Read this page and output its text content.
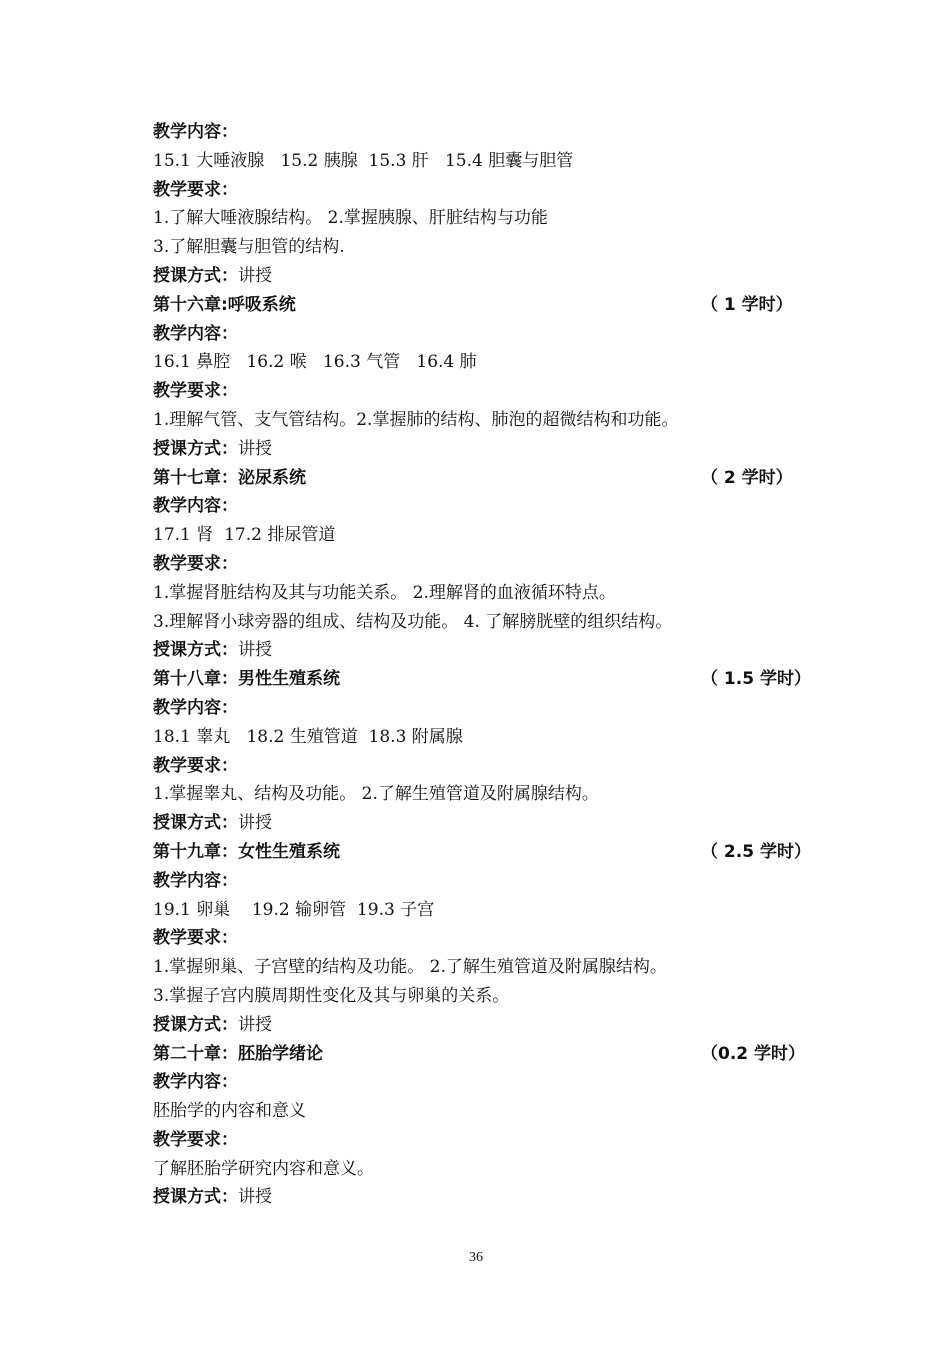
教学内容：
15.1 大唾液腺   15.2 胰腺  15.3 肝   15.4 胆囊与胆管
教学要求：
1.了解大唾液腺结构。 2.掌握胰腺、肝脏结构与功能
3.了解胆囊与胆管的结构.
授课方式：讲授
第十六章:呼吸系统	（ 1 学时）
教学内容：
16.1 鼻腔   16.2 喉   16.3 气管   16.4 肺
教学要求：
1.理解气管、支气管结构。2.掌握肺的结构、肺泡的超微结构和功能。
授课方式：讲授
第十七章：泌尿系统	（ 2 学时）
教学内容：
17.1 肾  17.2 排尿管道
教学要求：
1.掌握肾脏结构及其与功能关系。 2.理解肾的血液循环特点。
3.理解肾小球旁器的组成、结构及功能。 4. 了解膀胱壁的组织结构。
授课方式：讲授
第十八章：男性生殖系统	（ 1.5 学时）
教学内容：
18.1 睾丸   18.2 生殖管道  18.3 附属腺
教学要求：
1.掌握睾丸、结构及功能。 2.了解生殖管道及附属腺结构。
授课方式：讲授
第十九章：女性生殖系统	（ 2.5 学时）
教学内容：
19.1 卵巢    19.2 输卵管  19.3 子宫
教学要求：
1.掌握卵巢、子宫壁的结构及功能。 2.了解生殖管道及附属腺结构。
3.掌握子宫内膜周期性变化及其与卵巢的关系。
授课方式：讲授
第二十章：胚胎学绪论	（0.2 学时）
教学内容：
胚胎学的内容和意义
教学要求：
了解胚胎学研究内容和意义。
授课方式：讲授
36
